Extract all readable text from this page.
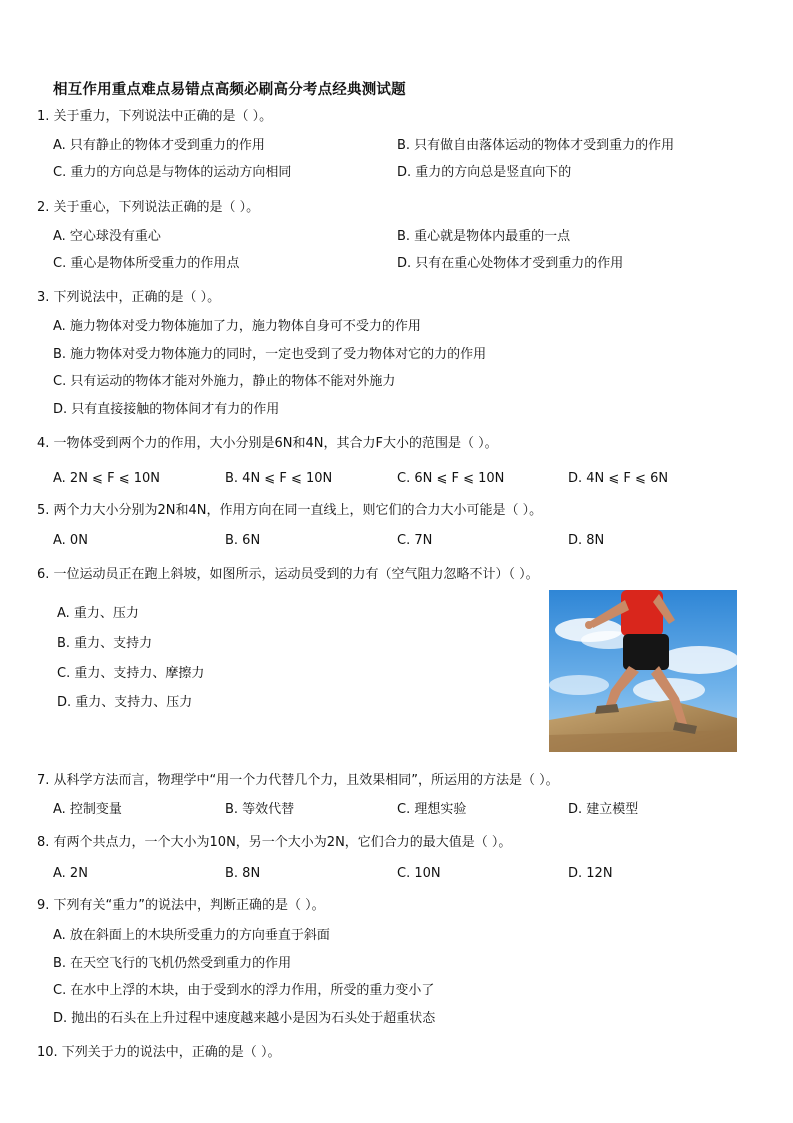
相互作用重点难点易错点高频必刷高分考点经典测试题
1. 关于重力，下列说法中正确的是（ ）。
A. 只有静止的物体才受到重力的作用	B. 只有做自由落体运动的物体才受到重力的作用
C. 重力的方向总是与物体的运动方向相同	D. 重力的方向总是竖直向下的
2. 关于重心，下列说法正确的是（ ）。
A. 空心球没有重心	B. 重心就是物体内最重的一点
C. 重心是物体所受重力的作用点	D. 只有在重心处物体才受到重力的作用
3. 下列说法中，正确的是（ ）。
A. 施力物体对受力物体施加了力，施力物体自身可不受力的作用
B. 施力物体对受力物体施力的同时，一定也受到了受力物体对它的力的作用
C. 只有运动的物体才能对外施力，静止的物体不能对外施力
D. 只有直接接触的物体间才有力的作用
4. 一物体受到两个力的作用，大小分别是6N和4N，其合力F大小的范围是（ ）。
A. 2N ⩽ F ⩽ 10N	B. 4N ⩽ F ⩽ 10N	C. 6N ⩽ F ⩽ 10N	D. 4N ⩽ F ⩽ 6N
5. 两个力大小分别为2N和4N，作用方向在同一直线上，则它们的合力大小可能是（ ）。
A. 0N	B. 6N	C. 7N	D. 8N
6. 一位运动员正在跑上斜坡，如图所示，运动员受到的力有（空气阻力忽略不计）（ ）。
A. 重力、压力
B. 重力、支持力
C. 重力、支持力、摩擦力
D. 重力、支持力、压力
7. 从科学方法而言，物理学中“用一个力代替几个力，且效果相同”，所运用的方法是（ ）。
A. 控制变量	B. 等效代替	C. 理想实验	D. 建立模型
8. 有两个共点力，一个大小为10N，另一个大小为2N，它们合力的最大值是（ ）。
A. 2N	B. 8N	C. 10N	D. 12N
9. 下列有关“重力”的说法中，判断正确的是（ ）。
A. 放在斜面上的木块所受重力的方向垂直于斜面
B. 在天空飞行的飞机仍然受到重力的作用
C. 在水中上浮的木块，由于受到水的浮力作用，所受的重力变小了
D. 抛出的石头在上升过程中速度越来越小是因为石头处于超重状态
10. 下列关于力的说法中，正确的是（ ）。
